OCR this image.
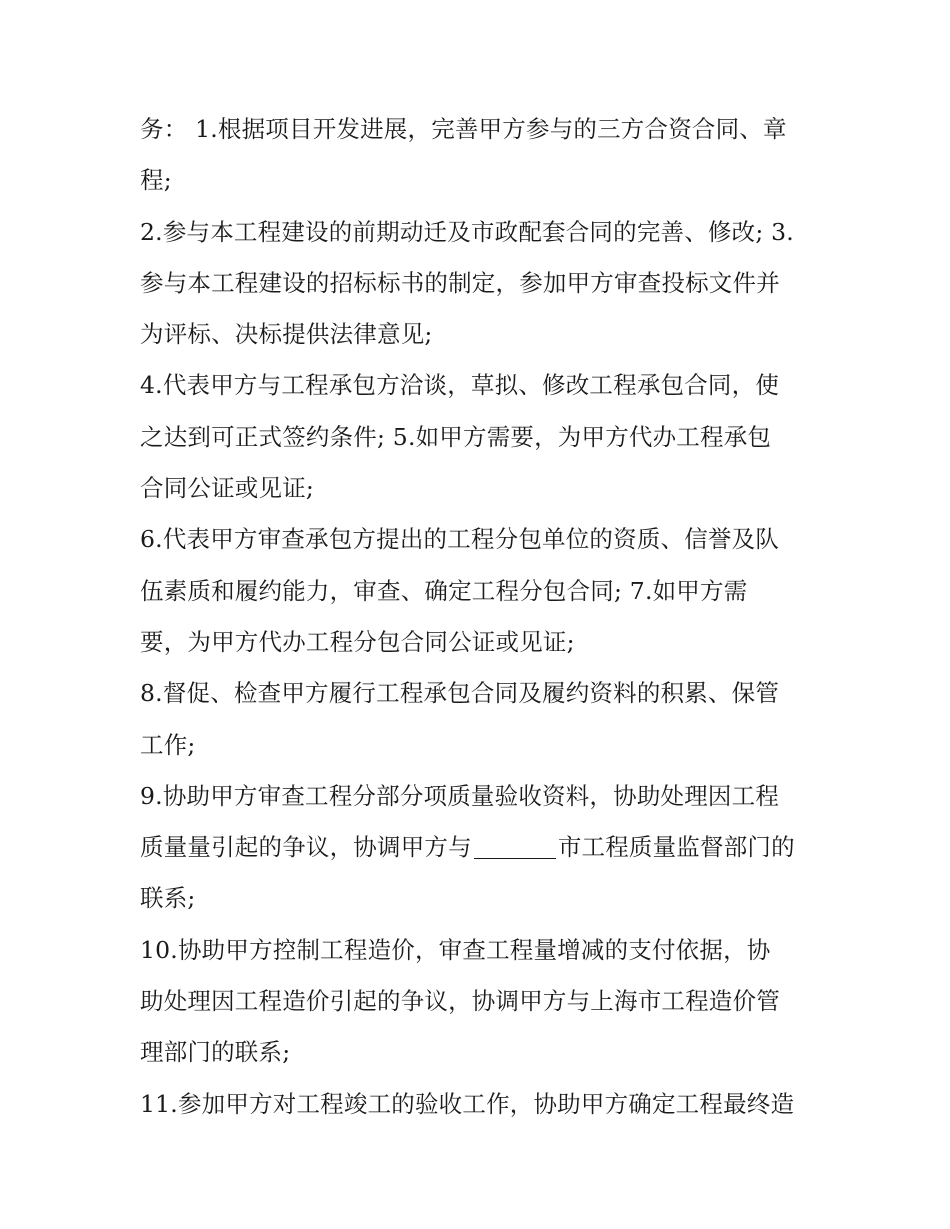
务： 1.根据项目开发进展，完善甲方参与的三方合资合同、章
程;
2.参与本工程建设的前期动迁及市政配套合同的完善、修改; 3.
参与本工程建设的招标标书的制定，参加甲方审查投标文件并
为评标、决标提供法律意见;
4.代表甲方与工程承包方洽谈，草拟、修改工程承包合同，使
之达到可正式签约条件; 5.如甲方需要，为甲方代办工程承包
合同公证或见证;
6.代表甲方审查承包方提出的工程分包单位的资质、信誉及队
伍素质和履约能力，审查、确定工程分包合同; 7.如甲方需
要，为甲方代办工程分包合同公证或见证;
8.督促、检查甲方履行工程承包合同及履约资料的积累、保管
工作;
9.协助甲方审查工程分部分项质量验收资料，协助处理因工程
质量量引起的争议，协调甲方与	市工程质量监督部门的
联系;
10.协助甲方控制工程造价，审查工程量增减的支付依据，协
助处理因工程造价引起的争议，协调甲方与上海市工程造价管
理部门的联系;
11.参加甲方对工程竣工的验收工作，协助甲方确定工程最终造
